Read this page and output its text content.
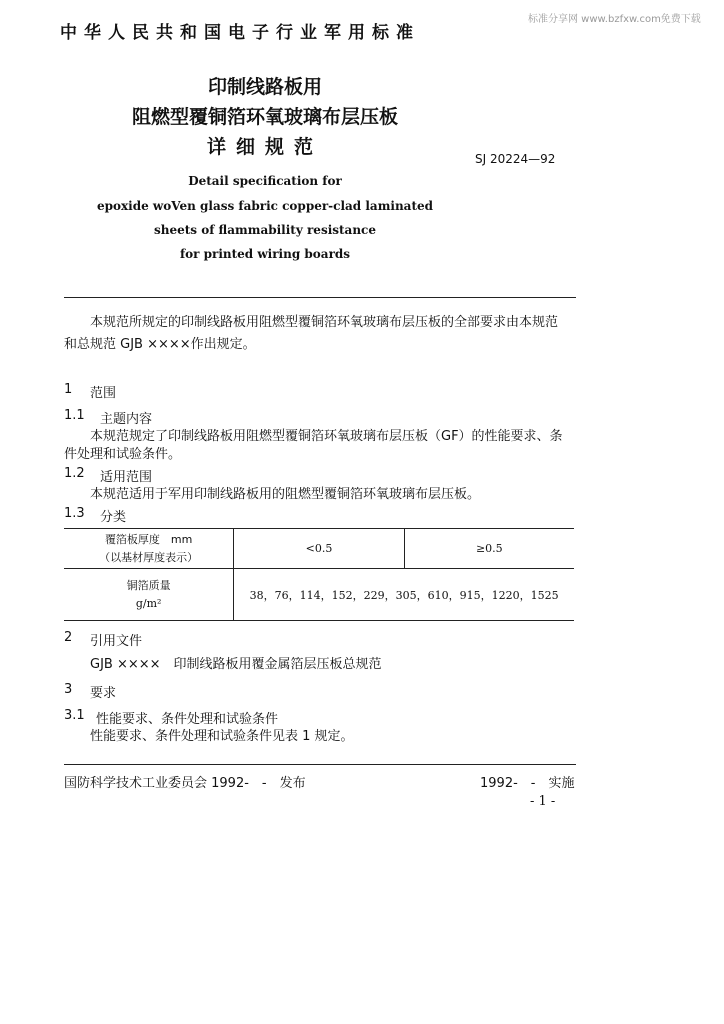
中华人民共和国电子行业军用标准
标准分享网 www.bzfxw.com免费下载
印制线路板用
阻燃型覆铜箔环氧玻璃布层压板
详细规范
SJ 20224—92
Detail specification for
epoxide woVen glass fabric copper-clad laminated
sheets of flammability resistance
for printed wiring boards
本规范所规定的印制线路板用阻燃型覆铜箔环氧玻璃布层压板的全部要求由本规范
和总规范 GJB ××××作出规定。
1 范围
1.1 主题内容
本规范规定了印制线路板用阻燃型覆铜箔环氧玻璃布层压板（GF）的性能要求、条
件处理和试验条件。
1.2 适用范围
本规范适用于军用印制线路板用的阻燃型覆铜箔环氧玻璃布层压板。
1.3 分类
覆箔板厚度　mm
（以基材厚度表示）	<0.5	≥0.5

铜箔质量
g/m²	38，76，114，152，229，305，610，915，1220，1525	
2 引用文件
GJB ××××　印制线路板用覆金属箔层压板总规范
3 要求
3.1 性能要求、条件处理和试验条件
性能要求、条件处理和试验条件见表 1 规定。
国防科学技术工业委员会 1992-　-　发布	1992-　-　实施
- 1 -
